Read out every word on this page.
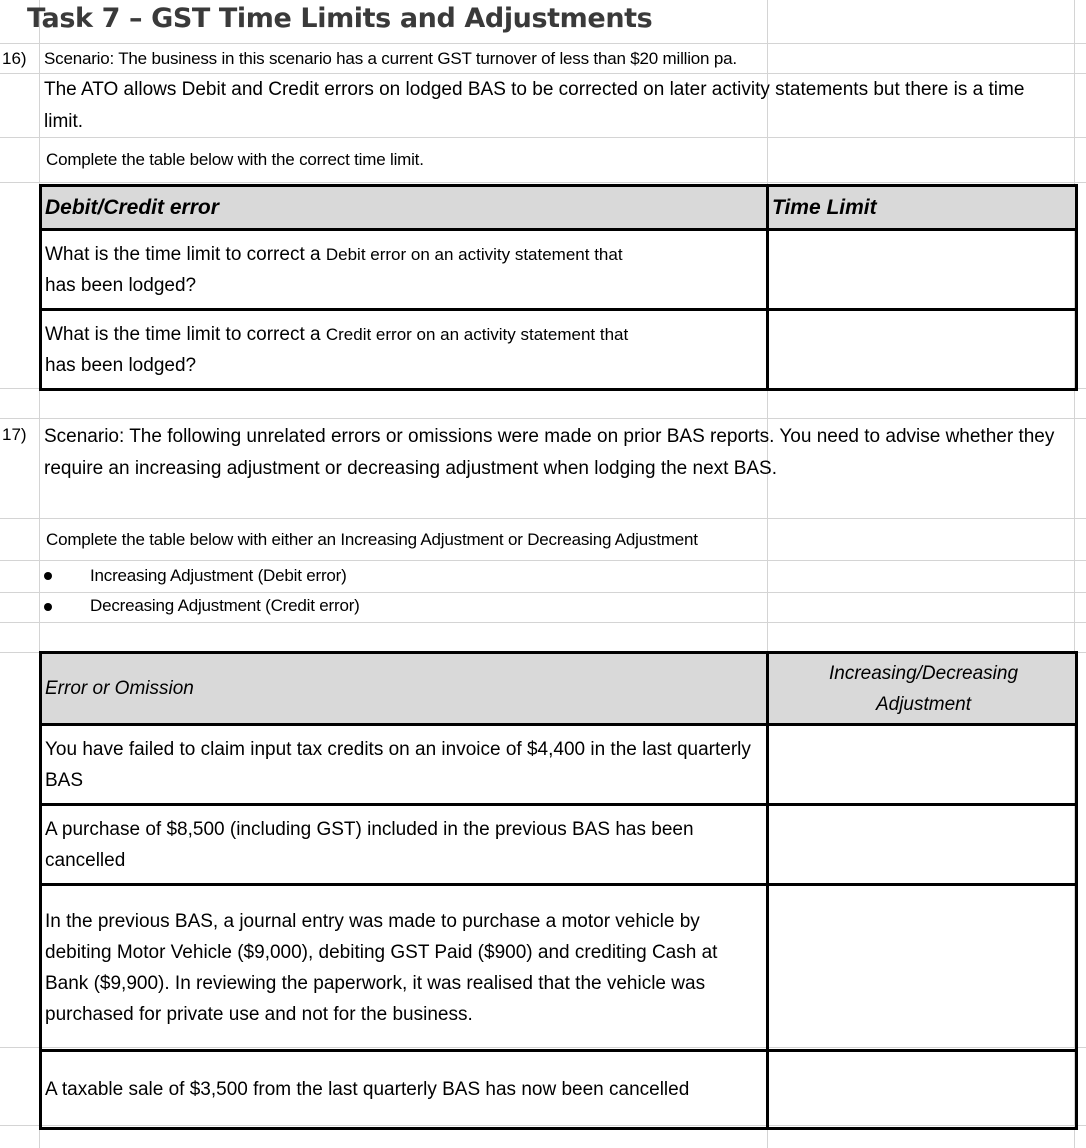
Task 7 – GST Time Limits and Adjustments
16) Scenario: The business in this scenario has a current GST turnover of less than $20 million pa.
The ATO allows Debit and Credit errors on lodged BAS to be corrected on later activity statements but there is a time limit.
Complete the table below with the correct time limit.
Debit/Credit error	Time Limit
What is the time limit to correct a Debit error on an activity statement that
has been lodged?	
What is the time limit to correct a Credit error on an activity statement that
has been lodged?	
17) Scenario: The following unrelated errors or omissions were made on prior BAS reports. You need to advise whether they require an increasing adjustment or decreasing adjustment when lodging the next BAS.
Complete the table below with either an Increasing Adjustment or Decreasing Adjustment
Increasing Adjustment (Debit error)
Decreasing Adjustment (Credit error)
Error or Omission	Increasing/Decreasing Adjustment

You have failed to claim input tax credits on an invoice of $4,400 in the last quarterly BAS	
A purchase of $8,500 (including GST) included in the previous BAS has been cancelled	
In the previous BAS, a journal entry was made to purchase a motor vehicle by debiting Motor Vehicle ($9,000), debiting GST Paid ($900) and crediting Cash at Bank ($9,900). In reviewing the paperwork, it was realised that the vehicle was purchased for private use and not for the business.	
A taxable sale of $3,500 from the last quarterly BAS has now been cancelled	
